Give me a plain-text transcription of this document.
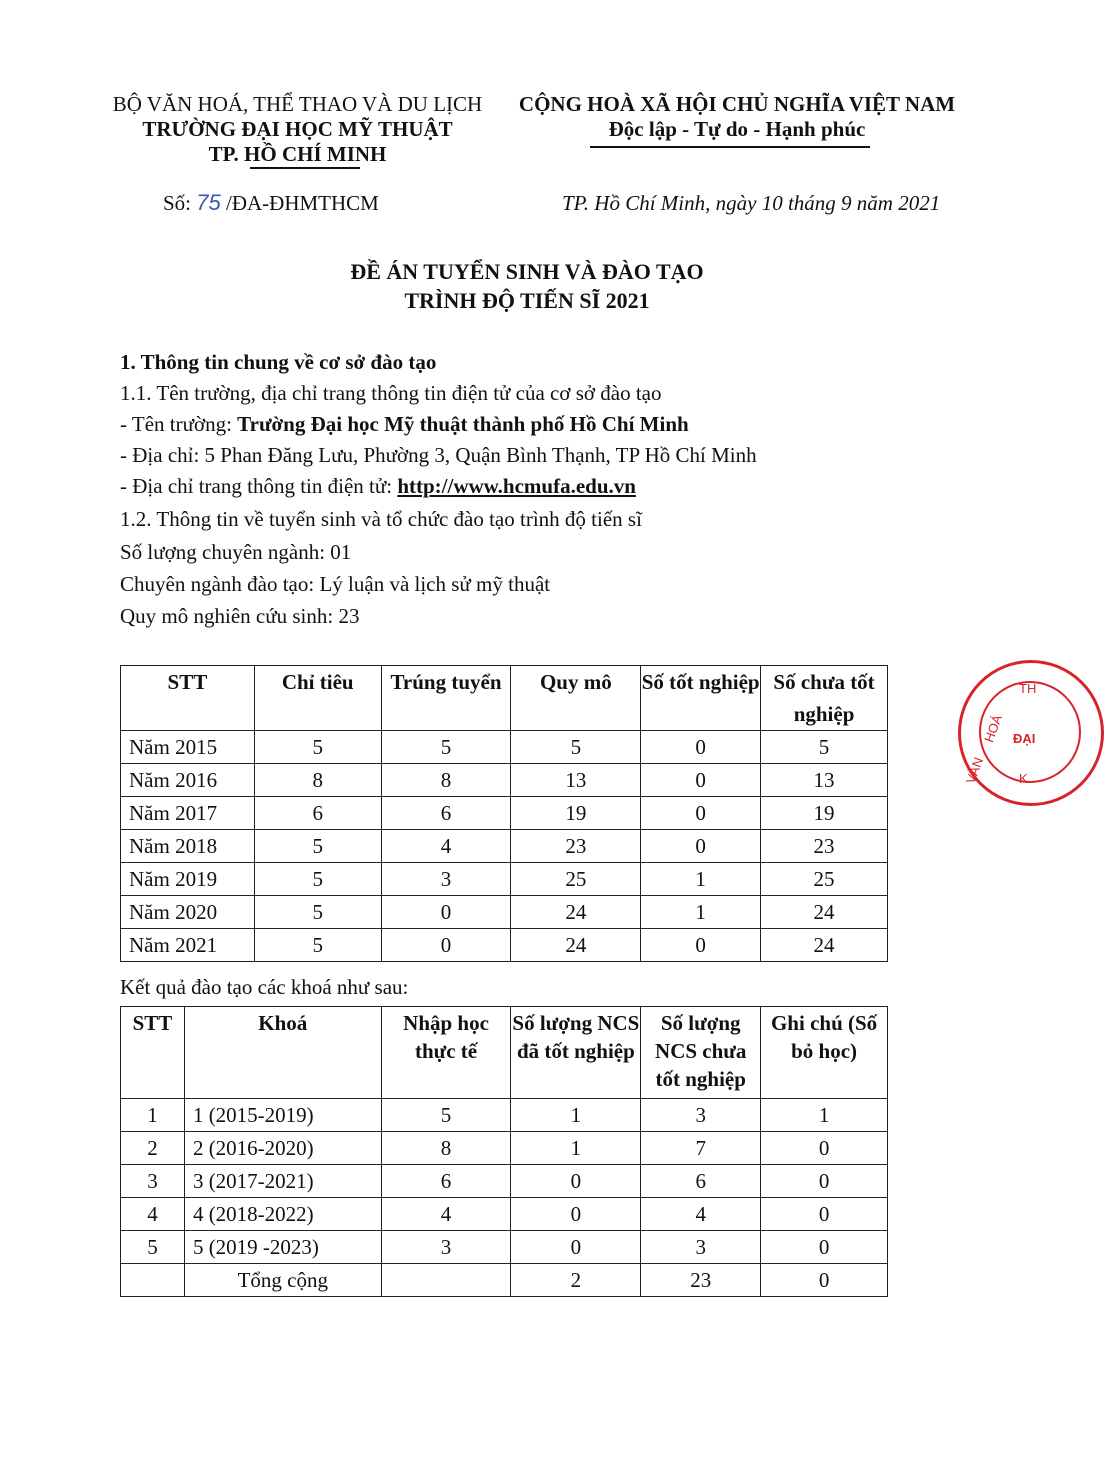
BỘ VĂN HOÁ, THỂ THAO VÀ DU LỊCH
TRƯỜNG ĐẠI HỌC MỸ THUẬT
TP. HỒ CHÍ MINH
CỘNG HOÀ XÃ HỘI CHỦ NGHĨA VIỆT NAM
Độc lập - Tự do - Hạnh phúc
Số: 75 /ĐA-ĐHMTHCM	TP. Hồ Chí Minh, ngày 10 tháng 9 năm 2021
ĐỀ ÁN TUYỂN SINH VÀ ĐÀO TẠO
TRÌNH ĐỘ TIẾN SĨ 2021
1. Thông tin chung về cơ sở đào tạo
1.1. Tên trường, địa chỉ trang thông tin điện tử của cơ sở đào tạo
- Tên trường: Trường Đại học Mỹ thuật thành phố Hồ Chí Minh
- Địa chỉ: 5 Phan Đăng Lưu, Phường 3, Quận Bình Thạnh, TP Hồ Chí Minh
- Địa chỉ trang thông tin điện tử: http://www.hcmufa.edu.vn
1.2. Thông tin về tuyển sinh và tổ chức đào tạo trình độ tiến sĩ
Số lượng chuyên ngành: 01
Chuyên ngành đào tạo: Lý luận và lịch sử mỹ thuật
Quy mô nghiên cứu sinh: 23
STT	Chỉ tiêu	Trúng tuyển	Quy mô	Số tốt nghiệp	Số chưa tốt nghiệp
Năm 2015	5	5	5	0	5
Năm 2016	8	8	13	0	13
Năm 2017	6	6	19	0	19
Năm 2018	5	4	23	0	23
Năm 2019	5	3	25	1	25
Năm 2020	5	0	24	1	24
Năm 2021	5	0	24	0	24
Kết quả đào tạo các khoá như sau:
STT	Khoá	Nhập học thực tế	Số lượng NCS đã tốt nghiệp	Số lượng NCS chưa tốt nghiệp	Ghi chú (Số bỏ học)
1	1 (2015-2019)	5	1	3	1
2	2 (2016-2020)	8	1	7	0
3	3 (2017-2021)	6	0	6	0
4	4 (2018-2022)	4	0	4	0
5	5 (2019 -2023)	3	0	3	0
	Tổng cộng		2	23	0
TH
HOÁ ĐẠI
VĂN	K
